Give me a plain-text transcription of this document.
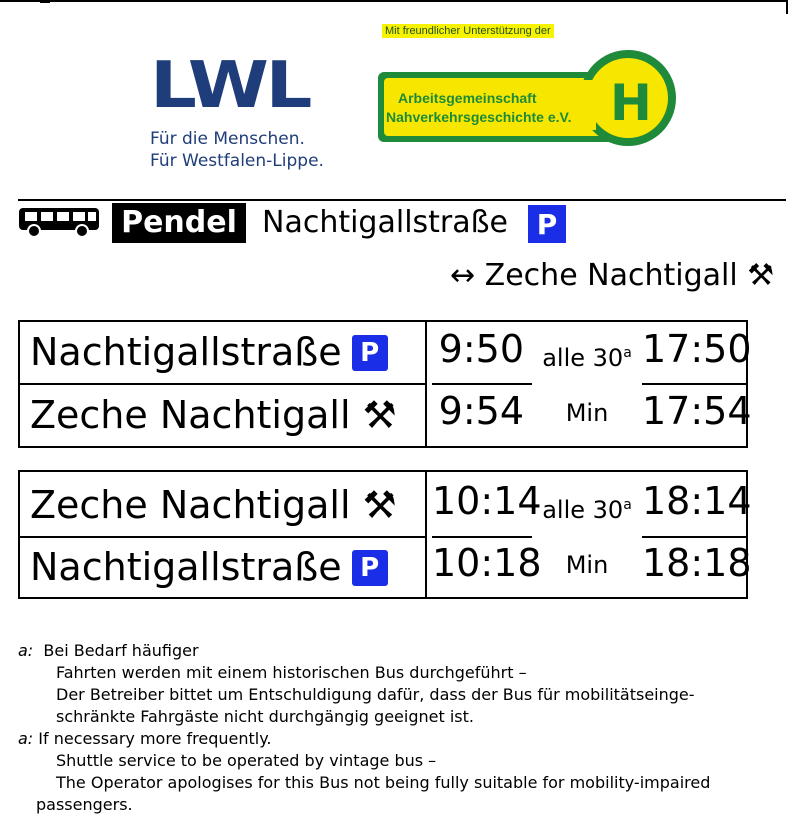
LWL
Für die Menschen.
Für Westfalen-Lippe.
Mit freundlicher Unterstützung der
Arbeitsgemeinschaft
Nahverkehrsgeschichte e.V. H
Pendel Nachtigallstraße	P
↔ Zeche Nachtigall ⚒
Nachtigallstraße P
Zeche Nachtigall ⚒
9:50
9:54
alle 30$^a$
Min
17:50
17:54
Zeche Nachtigall ⚒
Nachtigallstraße P
10:14
10:18
alle 30$^a$
Min
18:14
18:18
a: Bei Bedarf häufiger
Fahrten werden mit einem historischen Bus durchgeführt –
Der Betreiber bittet um Entschuldigung dafür, dass der Bus für mobilitätseinge-
schränkte Fahrgäste nicht durchgängig geeignet ist.
a: If necessary more frequently.
Shuttle service to be operated by vintage bus –
The Operator apologises for this Bus not being fully suitable for mobility-impaired
passengers.
